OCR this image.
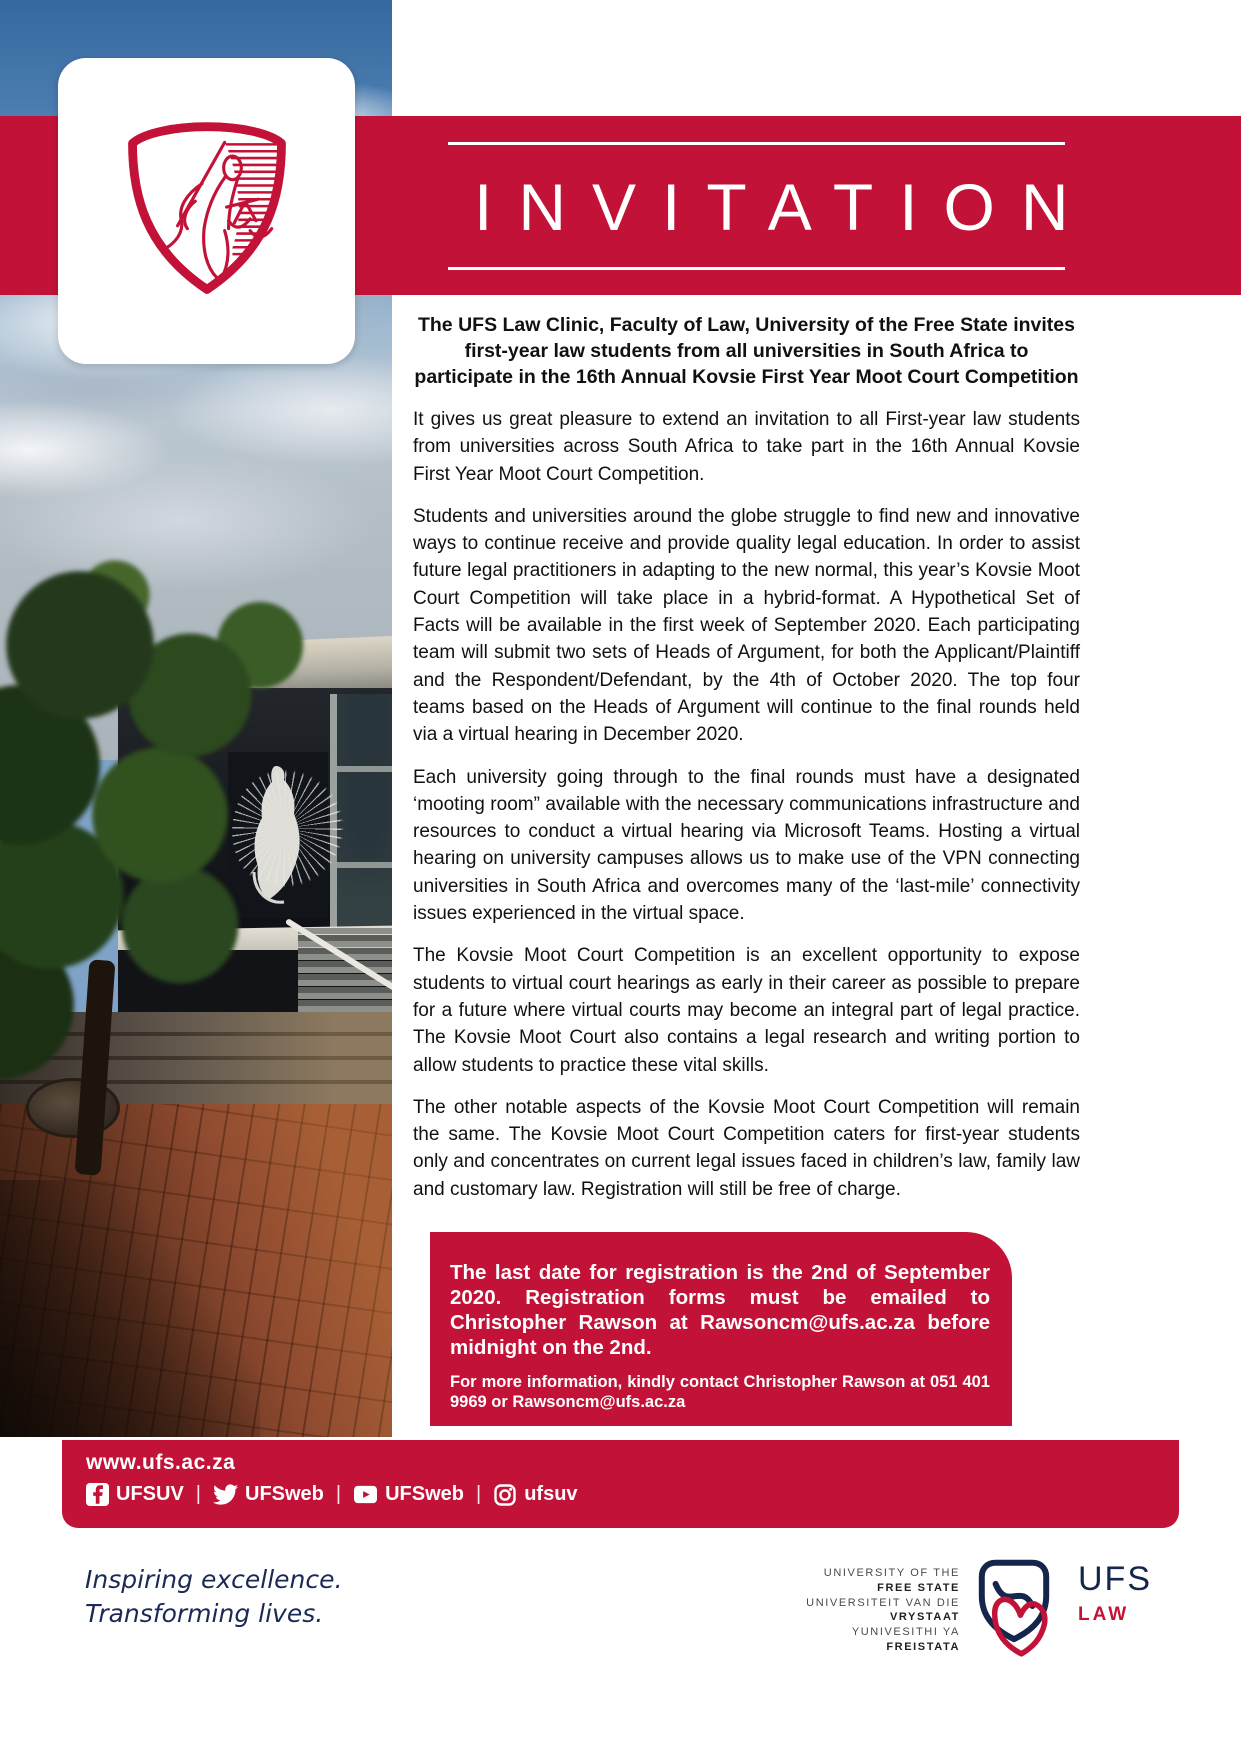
INVITATION
The UFS Law Clinic, Faculty of Law, University of the Free State invites first-year law students from all universities in South Africa to participate in the 16th Annual Kovsie First Year Moot Court Competition

It gives us great pleasure to extend an invitation to all First-year law students from universities across South Africa to take part in the 16th Annual Kovsie First Year Moot Court Competition.

Students and universities around the globe struggle to find new and innovative ways to continue receive and provide quality legal education. In order to assist future legal practitioners in adapting to the new normal, this year’s Kovsie Moot Court Competition will take place in a hybrid-format. A Hypothetical Set of Facts will be available in the first week of September 2020. Each participating team will submit two sets of Heads of Argument, for both the Applicant/Plaintiff and the Respondent/Defendant, by the 4th of October 2020. The top four teams based on the Heads of Argument will continue to the final rounds held via a virtual hearing in December 2020.

Each university going through to the final rounds must have a designated ‘mooting room” available with the necessary communications infrastructure and resources to conduct a virtual hearing via Microsoft Teams. Hosting a virtual hearing on university campuses allows us to make use of the VPN connecting universities in South Africa and overcomes many of the ‘last-mile’ connectivity issues experienced in the virtual space.

The Kovsie Moot Court Competition is an excellent opportunity to expose students to virtual court hearings as early in their career as possible to prepare for a future where virtual courts may become an integral part of legal practice. The Kovsie Moot Court also contains a legal research and writing portion to allow students to practice these vital skills.

The other notable aspects of the Kovsie Moot Court Competition will remain the same. The Kovsie Moot Court Competition caters for first-year students only and concentrates on current legal issues faced in children’s law, family law and customary law. Registration will still be free of charge.

The last date for registration is the 2nd of September 2020. Registration forms must be emailed to Christopher Rawson at Rawsoncm@ufs.ac.za before midnight on the 2nd.

For more information, kindly contact Christopher Rawson at 051 401 9969 or Rawsoncm@ufs.ac.za

www.ufs.ac.za
UFSUV | UFSweb | UFSweb | ufsuv
Inspiring excellence.
Transforming lives.
UNIVERSITY OF THE
FREE STATE
UNIVERSITEIT VAN DIE
VRYSTAAT
YUNIVESITHI YA
FREISTATA
UFS
LAW
